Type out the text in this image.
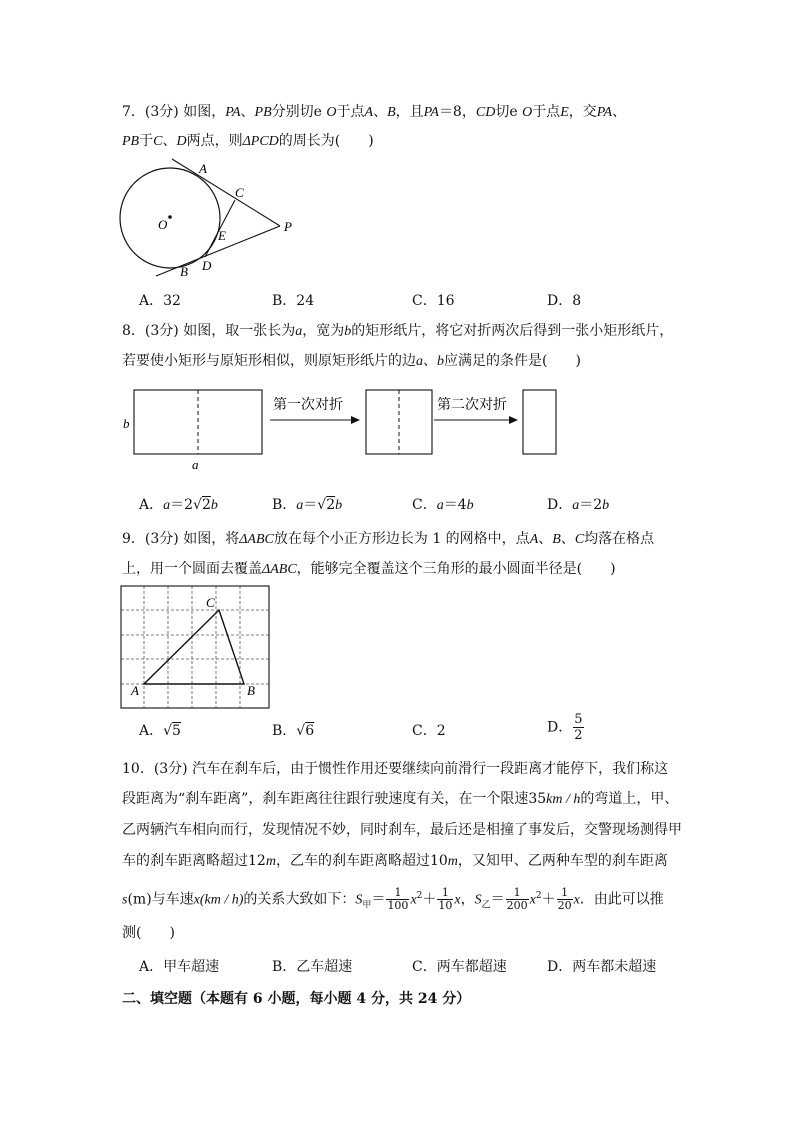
7．(3分) 如图，PA、PB分别切e O于点A、B，且PA＝8，CD切e O于点E，交PA、
PB于C、D两点，则ΔPCD的周长为(　　)
A
C
O
E
P
D
B
A．32	B．24	C．16	D．8
8．(3分) 如图，取一张长为a，宽为b的矩形纸片，将它对折两次后得到一张小矩形纸片，
若要使小矩形与原矩形相似，则原矩形纸片的边a、b应满足的条件是(　　)
b
a
第一次对折	第二次对折
A．a＝2√2b	B．a＝√2b	C．a＝4b	D．a＝2b
9．(3分) 如图，将ΔABC放在每个小正方形边长为 1 的网格中，点A、B、C均落在格点
上，用一个圆面去覆盖ΔABC，能够完全覆盖这个三角形的最小圆面半径是(　　)
A	B
C
A．√5	B．√6	C．2	D． $\frac{5}{2}$
10．(3分) 汽车在刹车后，由于惯性作用还要继续向前滑行一段距离才能停下，我们称这
段距离为“刹车距离”，刹车距离往往跟行驶速度有关，在一个限速35km / h的弯道上，甲、
乙两辆汽车相向而行，发现情况不妙，同时刹车，最后还是相撞了事发后，交警现场测得甲
车的刹车距离略超过12m，乙车的刹车距离略超过10m，又知甲、乙两种车型的刹车距离
s(m)与车速x(km / h)的关系大致如下：$S_甲= \frac{1}{100} x^2+ \frac{1}{10}$ x，$S_乙= \frac{1}{200} x^2+ \frac{1}{20}$ x．由此可以推
测(　　)
A．甲车超速	B．乙车超速	C．两车都超速	D．两车都未超速
二、填空题（本题有 6 小题，每小题 4 分，共 24 分）
